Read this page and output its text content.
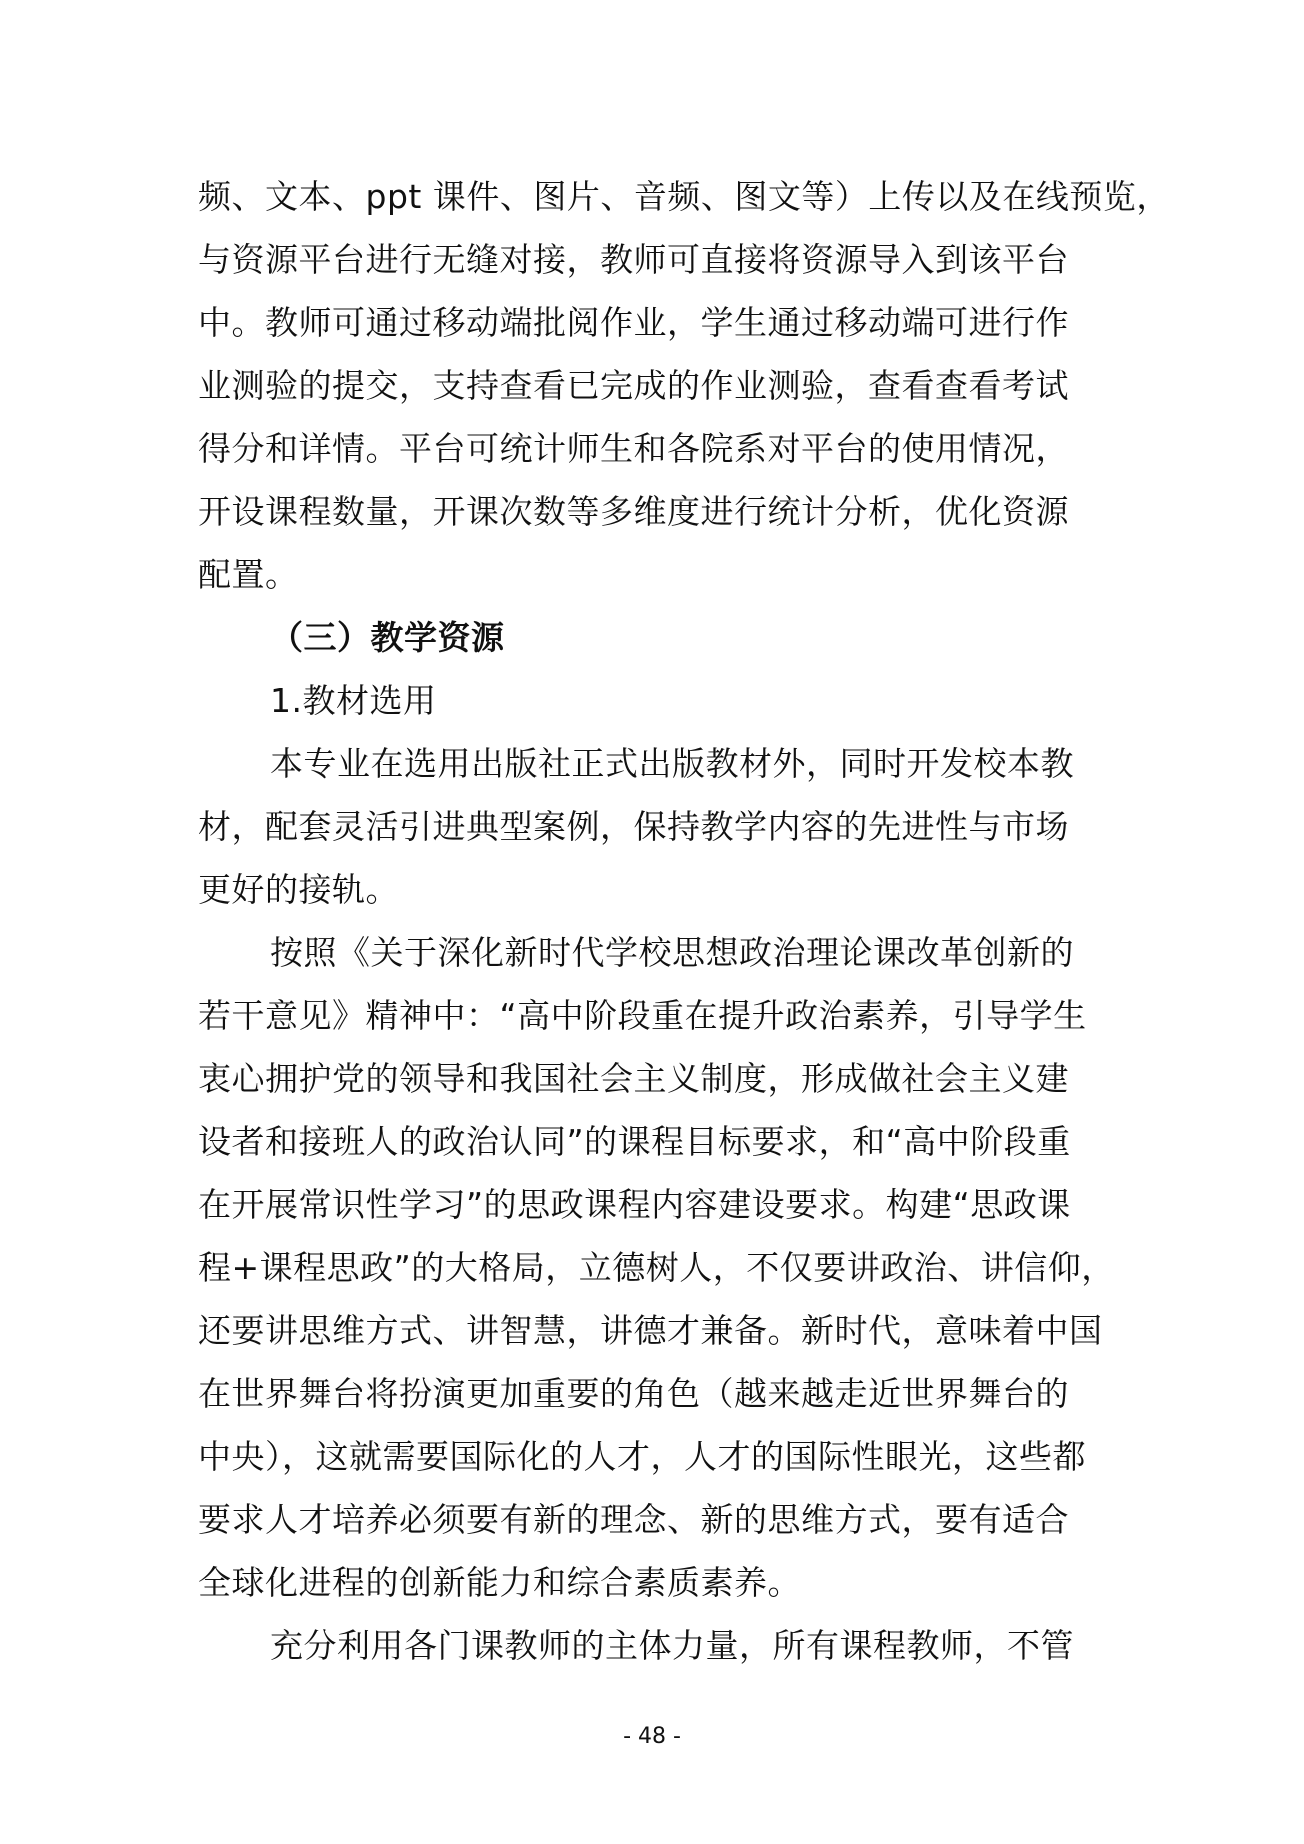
频、文本、ppt 课件、图片、音频、图文等）上传以及在线预览，
与资源平台进行无缝对接，教师可直接将资源导入到该平台
中。教师可通过移动端批阅作业，学生通过移动端可进行作
业测验的提交，支持查看已完成的作业测验，查看查看考试
得分和详情。平台可统计师生和各院系对平台的使用情况，
开设课程数量，开课次数等多维度进行统计分析，优化资源
配置。
（三）教学资源
1.教材选用
本专业在选用出版社正式出版教材外，同时开发校本教
材，配套灵活引进典型案例，保持教学内容的先进性与市场
更好的接轨。
按照《关于深化新时代学校思想政治理论课改革创新的
若干意见》精神中：“高中阶段重在提升政治素养，引导学生
衷心拥护党的领导和我国社会主义制度，形成做社会主义建
设者和接班人的政治认同”的课程目标要求，和“高中阶段重
在开展常识性学习”的思政课程内容建设要求。构建“思政课
程+课程思政”的大格局，立德树人，不仅要讲政治、讲信仰，
还要讲思维方式、讲智慧，讲德才兼备。新时代，意味着中国
在世界舞台将扮演更加重要的角色（越来越走近世界舞台的
中央），这就需要国际化的人才，人才的国际性眼光，这些都
要求人才培养必须要有新的理念、新的思维方式，要有适合
全球化进程的创新能力和综合素质素养。
充分利用各门课教师的主体力量，所有课程教师，不管
- 48 -
